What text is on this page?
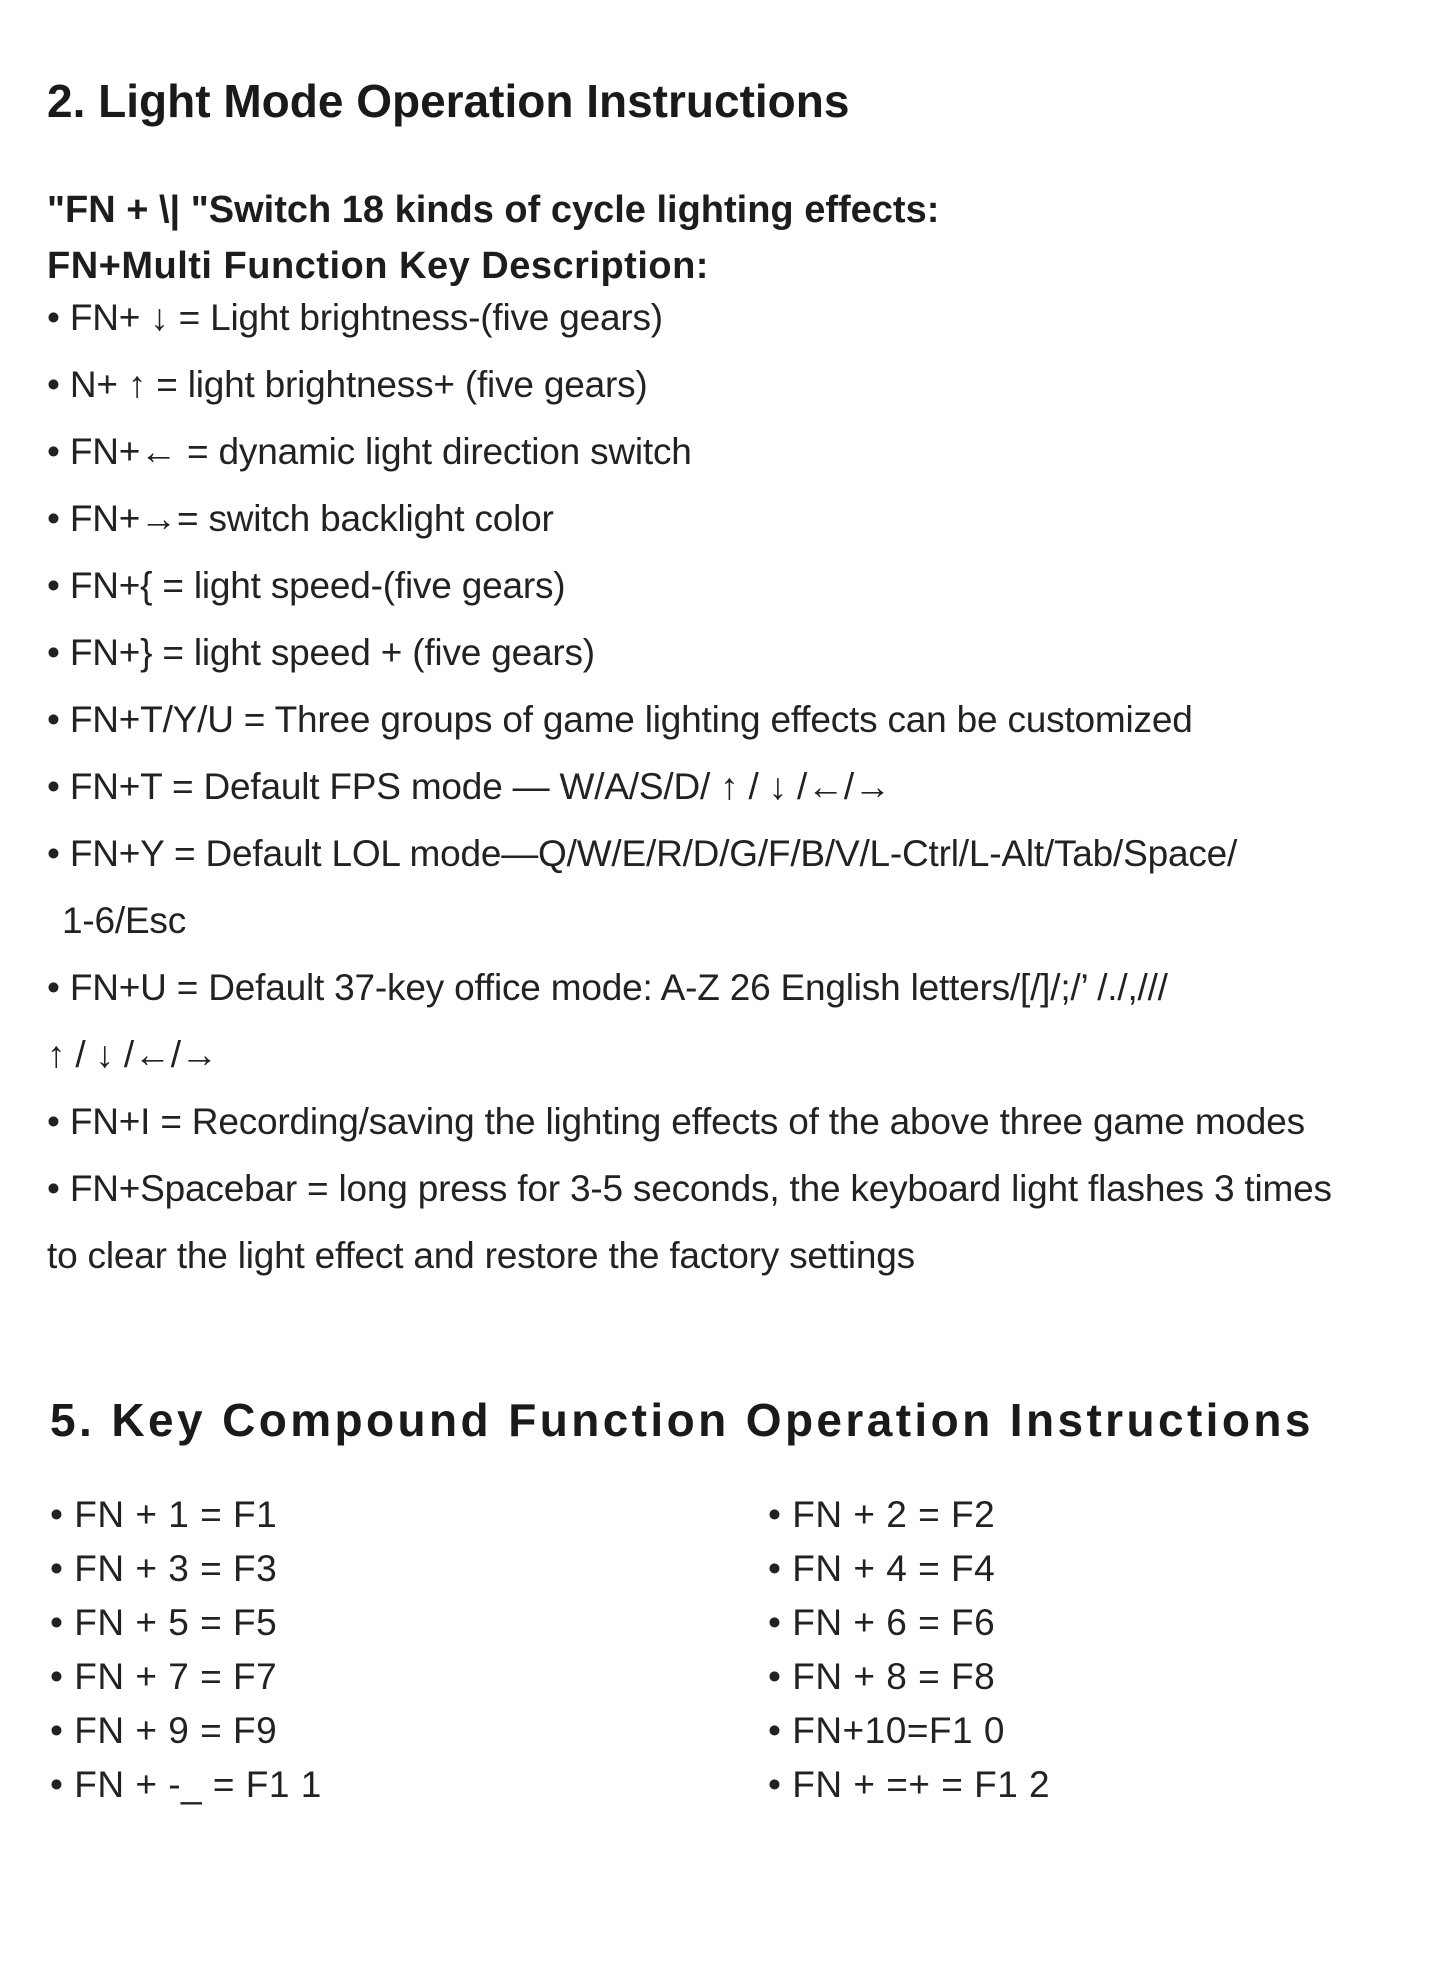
2. Light Mode Operation Instructions

"FN + \| "Switch 18 kinds of cycle lighting effects:

FN+Multi Function Key Description:

• FN+ ↓ = Light brightness-(five gears)

• N+ ↑ = light brightness+ (five gears)

• FN+← = dynamic light direction switch

• FN+→= switch backlight color

• FN+{ = light speed-(five gears)

• FN+} = light speed + (five gears)

• FN+T/Y/U = Three groups of game lighting effects can be customized

• FN+T = Default FPS mode — W/A/S/D/ ↑ / ↓ /←/→

• FN+Y = Default LOL mode—Q/W/E/R/D/G/F/B/V/L-Ctrl/L-Alt/Tab/Space/

1-6/Esc

• FN+U = Default 37-key office mode: A-Z 26 English letters/[/]/;/’ /./,///

↑ / ↓ /←/→

• FN+I = Recording/saving the lighting effects of the above three game modes

• FN+Spacebar = long press for 3-5 seconds, the keyboard light flashes 3 times

to clear the light effect and restore the factory settings

5. Key Compound Function Operation Instructions

• FN + 1 = F1

• FN + 3 = F3

• FN + 5 = F5

• FN + 7 = F7

• FN + 9 = F9

• FN + -_ = F1 1

• FN + 2 = F2

• FN + 4 = F4

• FN + 6 = F6

• FN + 8 = F8

• FN+10=F1 0

• FN + =+ = F1 2
